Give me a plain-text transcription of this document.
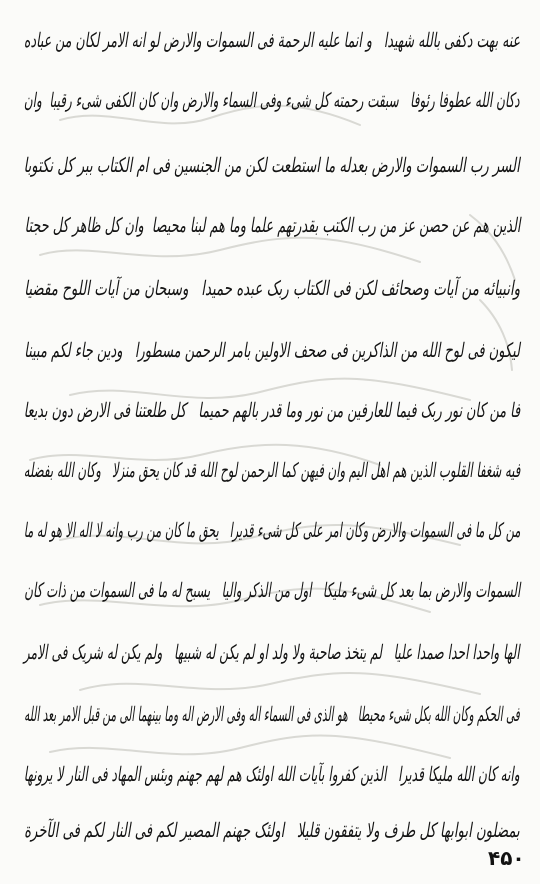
عنه بهت دکفی بالله شهیدا ‌ ‌ و انما علیه الرحمة فی السموات والارض لو انه الامر لکان من عباده
دکان الله عطوفا رئوفا ‌ ‌ سبقت رحمته کل شیء وفی السماء والارض وان کان الکفی شیء رقیبا ‌ وان
السر رب السموات والارض بعدله ما استطعت لکن من الجنسین فی ام الکتاب ببر کل نکتوبا
الذین هم عن حصن عز من رب الکتب بقدرتهم علما وما هم لبنا محیصا ‌ وان کل ظاهر کل حجتا
وانبیائه من آیات وصحائف لکن فی الکتاب ربک عبده حمیدا ‌ ‌ وسبحان من آیات اللوح مقضیا
لیکون فی لوح الله من الذاکرین فی صحف الاولین بامر الرحمن مسطورا ‌ ‌ ودین جاء لکم مبینا
فا من کان نور ربک فیما للعارفین من نور وما قدر بالهم حمیما ‌ ‌ کل طلعتنا فی الارض دون بدیعا
فیه شغفا القلوب الذین هم اهل الیم وان فیهن کما الرحمن لوح الله قد کان یحق منزلا ‌ ‌ وکان الله بفضله
من کل ما فی السموات والارض وکان امر علی کل شیء قدیرا ‌ ‌ یحق ما کان من رب وانه لا اله الا هو له ما
السموات والارض بما بعد کل شیء ملیکا ‌ ‌ اول من الذکر والیا ‌ ‌ یسبح له ما فی السموات من ذات کان
الها واحدا احدا صمدا علیا ‌ ‌ لم یتخذ صاحبة ولا ولد او لم یکن له شبیها ‌ ‌ ولم یکن له شریک فی الامر
فی الحکم وکان الله بکل شیء محیطا ‌ ‌ هو الذی فی السماء اله وفی الارض اله وما بینهما الی من قبل الامر بعد الله
وانه کان الله ملیکا قدیرا ‌ ‌ الذین کفروا بآیات الله اولئک هم لهم جهنم وبئس المهاد فی النار لا یرونها
بمضلون ابوابها کل طرف ولا یتفقون قلیلا ‌ ‌ اولئک جهنم المصیر لکم فی النار لکم فی الآخرة
۴۵۰
